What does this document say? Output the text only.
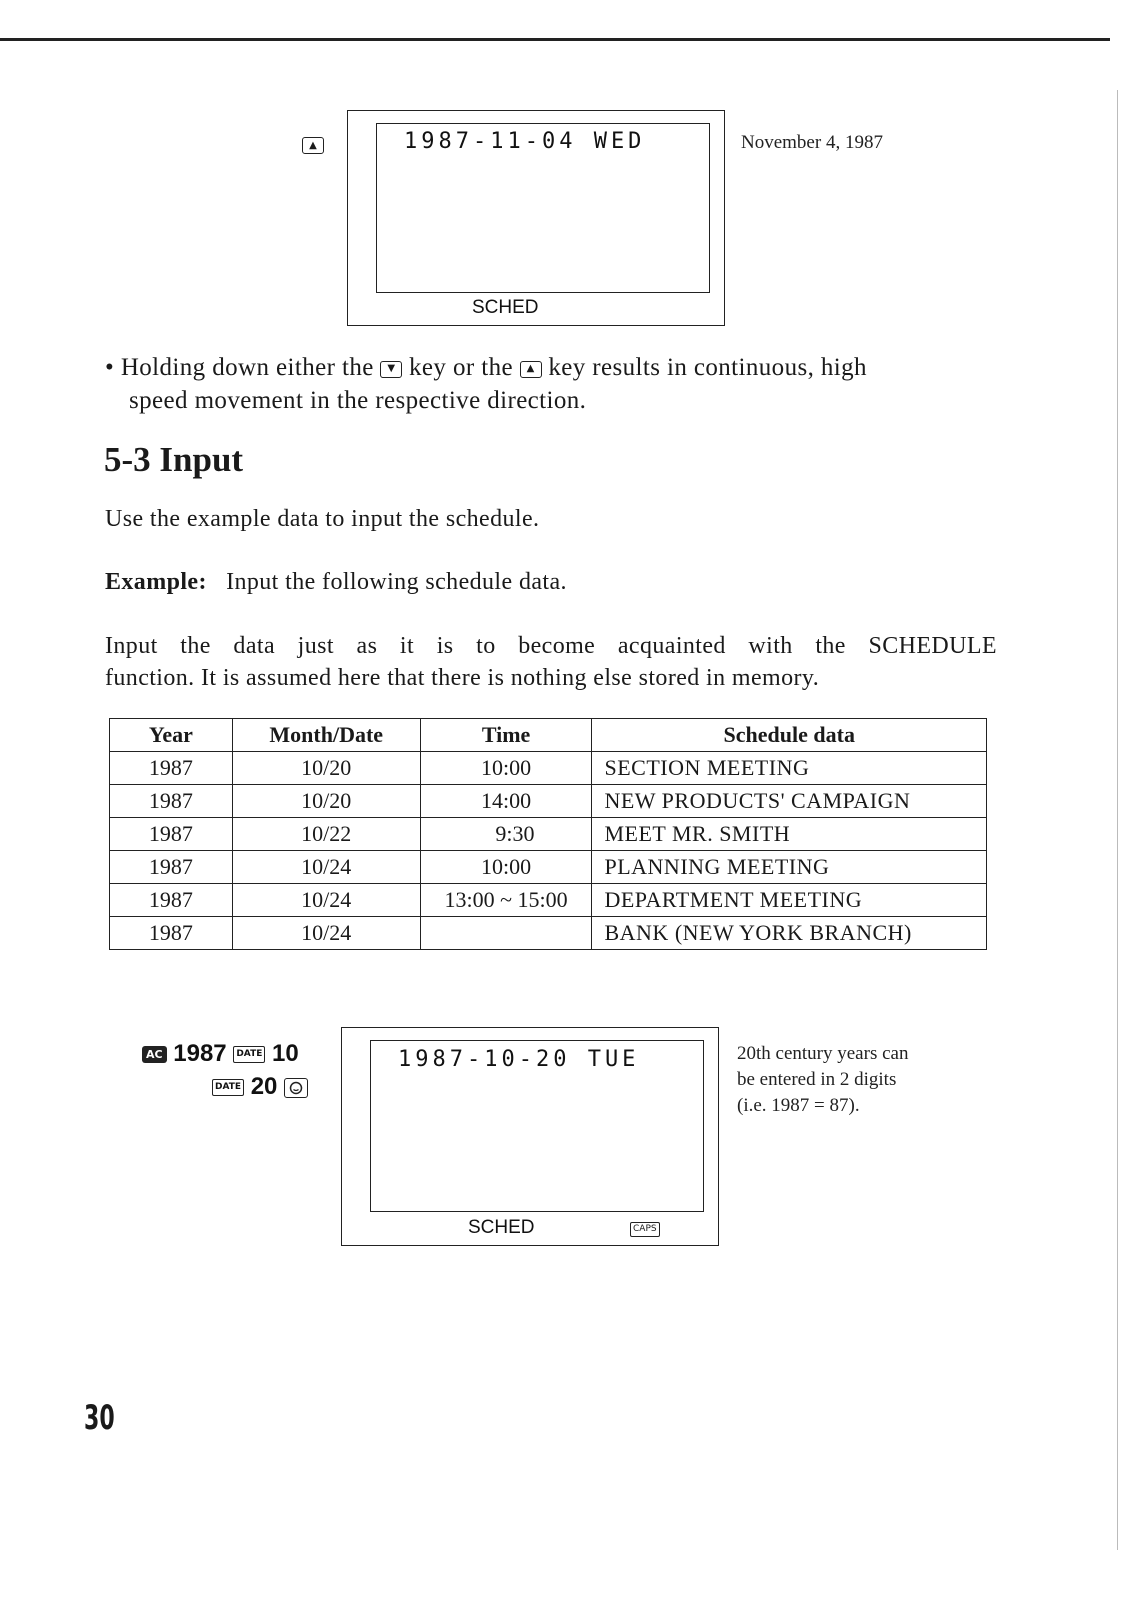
▲	1987-11-04 WED
SCHED
November 4, 1987
• Holding down either the ▼ key or the ▲ key results in continuous, high
speed movement in the respective direction.
5-3 Input

Use the example data to input the schedule.

Example: Input the following schedule data.

Input the data just as it is to become acquainted with the SCHEDULE
function. It is assumed here that there is nothing else stored in memory.

Year	Month/Date	Time	Schedule data
1987	10/20	10:00	SECTION MEETING
1987	10/20	14:00	NEW PRODUCTS' CAMPAIGN
1987	10/22	9:30	MEET MR. SMITH
1987	10/24	10:00	PLANNING MEETING
1987	10/24	13:00 ~ 15:00	DEPARTMENT MEETING
1987	10/24		BANK (NEW YORK BRANCH)
AC 1987 DATE 10
DATE 20
1987-10-20 TUE
SCHED	CAPS
20th century years can
be entered in 2 digits
(i.e. 1987 = 87).
30
